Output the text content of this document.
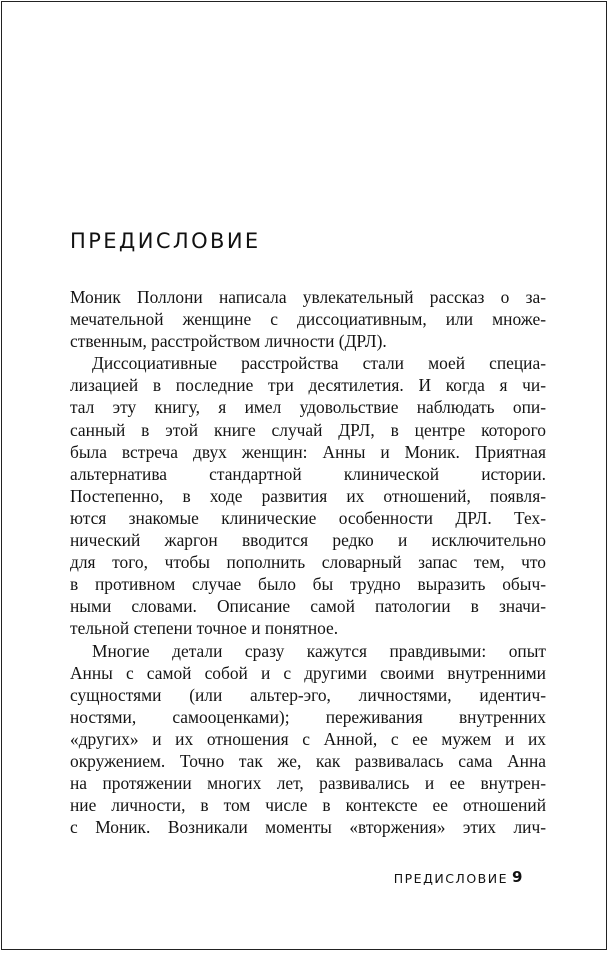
ПРЕДИСЛОВИЕ
Моник Поллони написала увлекательный рассказ о за-
мечательной женщине с диссоциативным, или множе-
ственным, расстройством личности (ДРЛ).
Диссоциативные расстройства стали моей специа-
лизацией в последние три десятилетия. И когда я чи-
тал эту книгу, я имел удовольствие наблюдать опи-
санный в этой книге случай ДРЛ, в центре которого
была встреча двух женщин: Анны и Моник. Приятная
альтернатива стандартной клинической истории.
Постепенно, в ходе развития их отношений, появля-
ются знакомые клинические особенности ДРЛ. Тех-
нический жаргон вводится редко и исключительно
для того, чтобы пополнить словарный запас тем, что
в противном случае было бы трудно выразить обыч-
ными словами. Описание самой патологии в значи-
тельной степени точное и понятное.
Многие детали сразу кажутся правдивыми: опыт
Анны с самой собой и с другими своими внутренними
сущностями (или альтер-эго, личностями, идентич-
ностями, самооценками); переживания внутренних
«других» и их отношения с Анной, с ее мужем и их
окружением. Точно так же, как развивалась сама Анна
на протяжении многих лет, развивались и ее внутрен-
ние личности, в том числе в контексте ее отношений
с Моник. Возникали моменты «вторжения» этих лич-
ПРЕДИСЛОВИЕ 9
